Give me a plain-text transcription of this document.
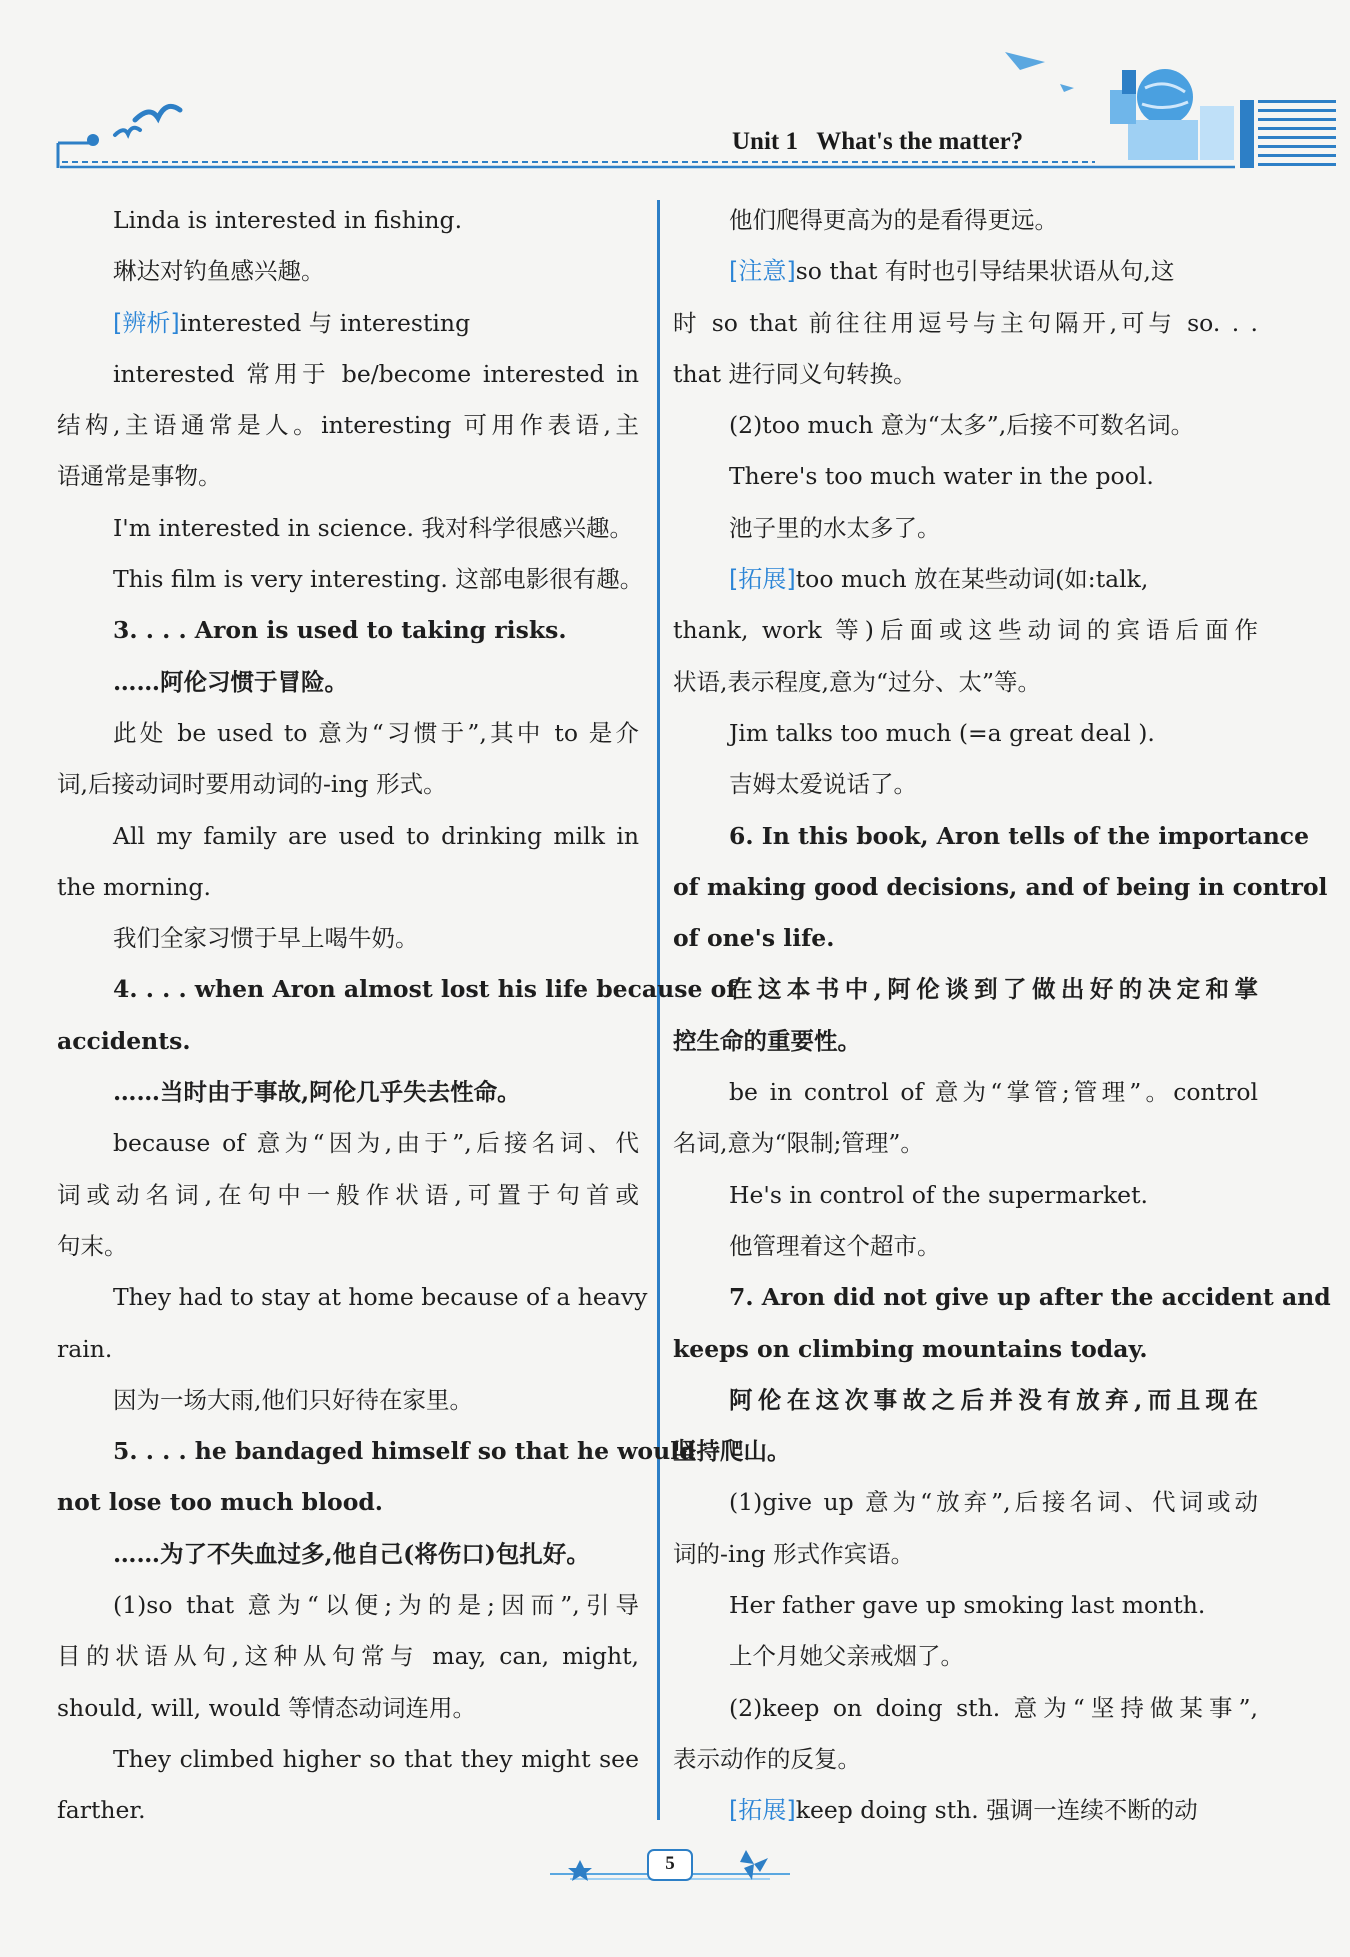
Unit 1   What's the matter?
Linda is interested in fishing.
琳达对钓鱼感兴趣。
[辨析]interested 与 interesting
interested 常用于 be/become interested in
结构,主语通常是人。interesting 可用作表语,主
语通常是事物。
I'm interested in science. 我对科学很感兴趣。
This film is very interesting. 这部电影很有趣。
3. . . . Aron is used to taking risks.
……阿伦习惯于冒险。
此处 be used to 意为“习惯于”,其中 to 是介
词,后接动词时要用动词的-ing 形式。
All my family are used to drinking milk in
the morning.
我们全家习惯于早上喝牛奶。
4. . . . when Aron almost lost his life because of
accidents.
……当时由于事故,阿伦几乎失去性命。
because of 意为“因为,由于”,后接名词、代
词或动名词,在句中一般作状语,可置于句首或
句末。
They had to stay at home because of a heavy
rain.
因为一场大雨,他们只好待在家里。
5. . . . he bandaged himself so that he would
not lose too much blood.
……为了不失血过多,他自己(将伤口)包扎好。
(1)so that 意为“以便;为的是;因而”,引导
目的状语从句,这种从句常与 may, can, might,
should, will, would 等情态动词连用。
They climbed higher so that they might see
farther.
他们爬得更高为的是看得更远。
[注意]so that 有时也引导结果状语从句,这
时 so that 前往往用逗号与主句隔开,可与 so. . .
that 进行同义句转换。
(2)too much 意为“太多”,后接不可数名词。
There's too much water in the pool.
池子里的水太多了。
[拓展]too much 放在某些动词(如:talk,
thank, work 等)后面或这些动词的宾语后面作
状语,表示程度,意为“过分、太”等。
Jim talks too much (=a great deal ).
吉姆太爱说话了。
6. In this book, Aron tells of the importance
of making good decisions, and of being in control
of one's life.
在这本书中,阿伦谈到了做出好的决定和掌
控生命的重要性。
be in control of 意为“掌管;管理”。control
名词,意为“限制;管理”。
He's in control of the supermarket.
他管理着这个超市。
7. Aron did not give up after the accident and
keeps on climbing mountains today.
阿伦在这次事故之后并没有放弃,而且现在
坚持爬山。
(1)give up 意为“放弃”,后接名词、代词或动
词的-ing 形式作宾语。
Her father gave up smoking last month.
上个月她父亲戒烟了。
(2)keep on doing sth. 意为“坚持做某事”,
表示动作的反复。
[拓展]keep doing sth. 强调一连续不断的动
5
